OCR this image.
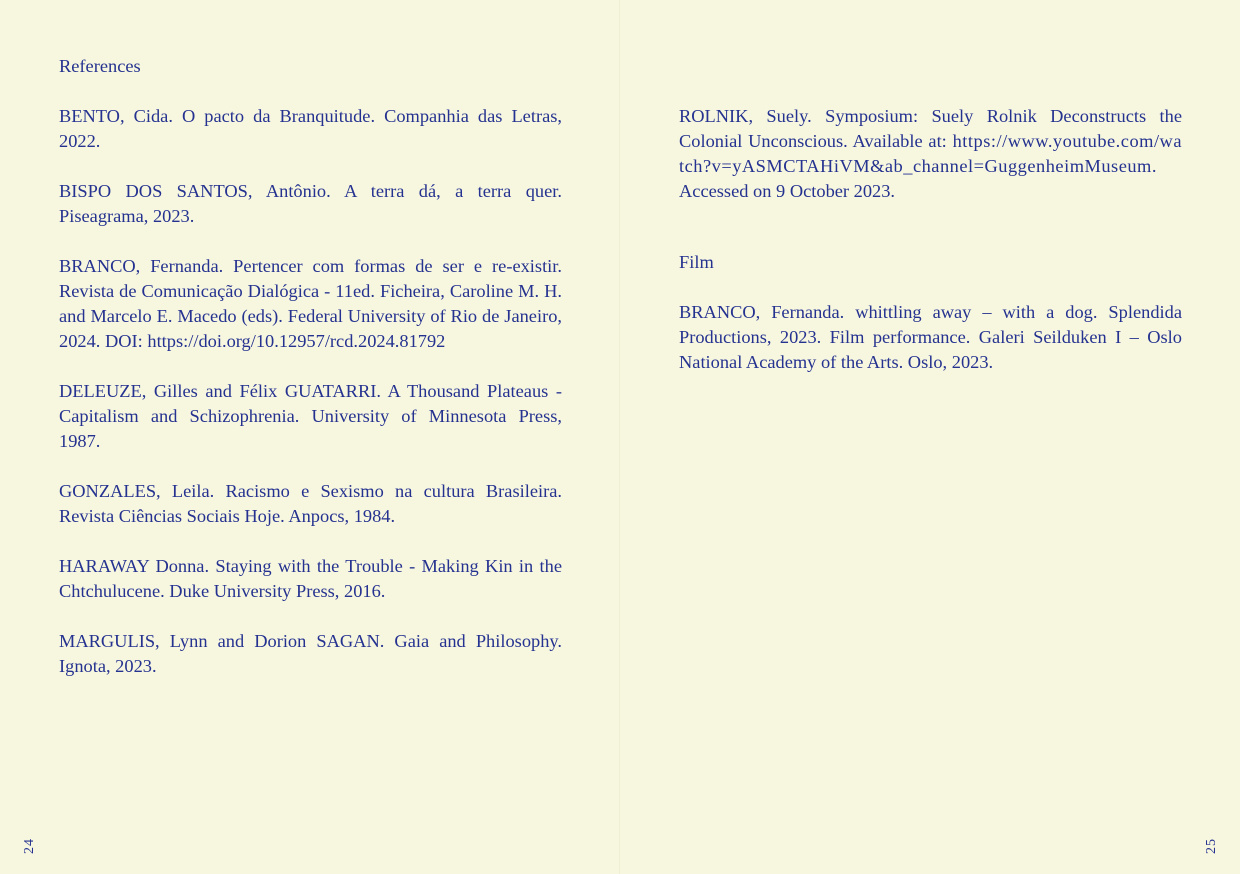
References

BENTO, Cida. O pacto da Branquitude. Companhia das Letras, 2022.

BISPO DOS SANTOS, Antônio. A terra dá, a terra quer. Piseagrama, 2023.

BRANCO, Fernanda. Pertencer com formas de ser e re-existir. Revista de Comunicação Dialógica - 11ed. Ficheira, Caroline M. H. and Marcelo E. Macedo (eds). Federal University of Rio de Janeiro, 2024. DOI: https://doi.org/10.12957/rcd.2024.81792

DELEUZE, Gilles and Félix GUATARRI. A Thousand Plateaus - Capitalism and Schizophrenia. University of Minnesota Press, 1987.

GONZALES, Leila. Racismo e Sexismo na cultura Brasileira. Revista Ciências Sociais Hoje. Anpocs, 1984.

HARAWAY Donna. Staying with the Trouble - Making Kin in the Chtchulucene. Duke University Press, 2016.

MARGULIS, Lynn and Dorion SAGAN. Gaia and Philosophy. Ignota, 2023.

24

ROLNIK, Suely. Symposium: Suely Rolnik Deconstructs the Colonial Unconscious. Available at: https://www.youtube.com/watch?v=yASMCTAHiVM&ab_channel=GuggenheimMuseum.
Accessed on 9 October 2023.

Film

BRANCO, Fernanda. whittling away – with a dog. Splendida Productions, 2023. Film performance. Galeri Seilduken I – Oslo National Academy of the Arts. Oslo, 2023.

25
